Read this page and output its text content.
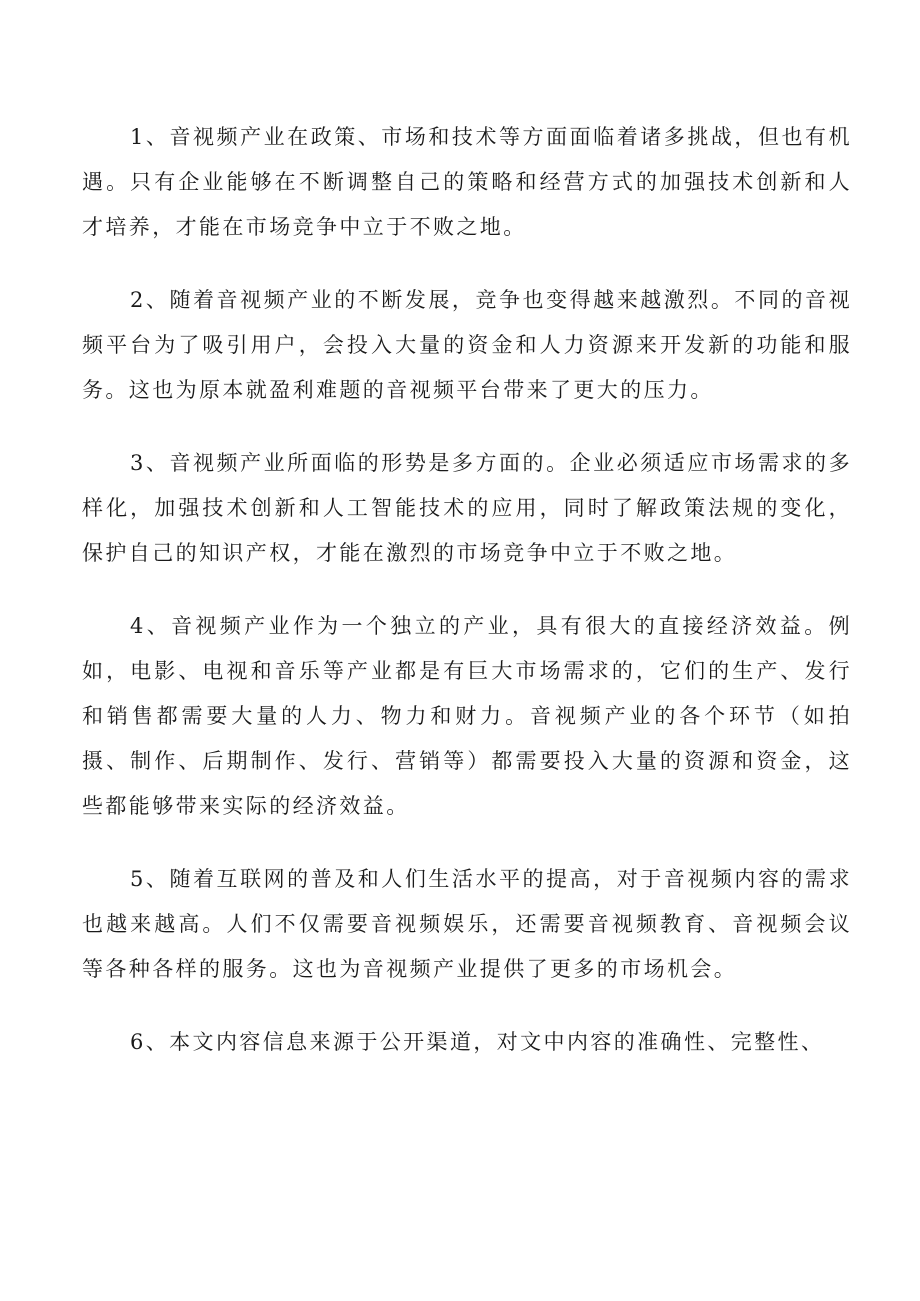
1、音视频产业在政策、市场和技术等方面面临着诸多挑战，但也有机遇。只有企业能够在不断调整自己的策略和经营方式的加强技术创新和人才培养，才能在市场竞争中立于不败之地。

2、随着音视频产业的不断发展，竞争也变得越来越激烈。不同的音视频平台为了吸引用户，会投入大量的资金和人力资源来开发新的功能和服务。这也为原本就盈利难题的音视频平台带来了更大的压力。

3、音视频产业所面临的形势是多方面的。企业必须适应市场需求的多样化，加强技术创新和人工智能技术的应用，同时了解政策法规的变化，保护自己的知识产权，才能在激烈的市场竞争中立于不败之地。

4、音视频产业作为一个独立的产业，具有很大的直接经济效益。例如，电影、电视和音乐等产业都是有巨大市场需求的，它们的生产、发行和销售都需要大量的人力、物力和财力。音视频产业的各个环节（如拍摄、制作、后期制作、发行、营销等）都需要投入大量的资源和资金，这些都能够带来实际的经济效益。

5、随着互联网的普及和人们生活水平的提高，对于音视频内容的需求也越来越高。人们不仅需要音视频娱乐，还需要音视频教育、音视频会议等各种各样的服务。这也为音视频产业提供了更多的市场机会。

6、本文内容信息来源于公开渠道，对文中内容的准确性、完整性、
